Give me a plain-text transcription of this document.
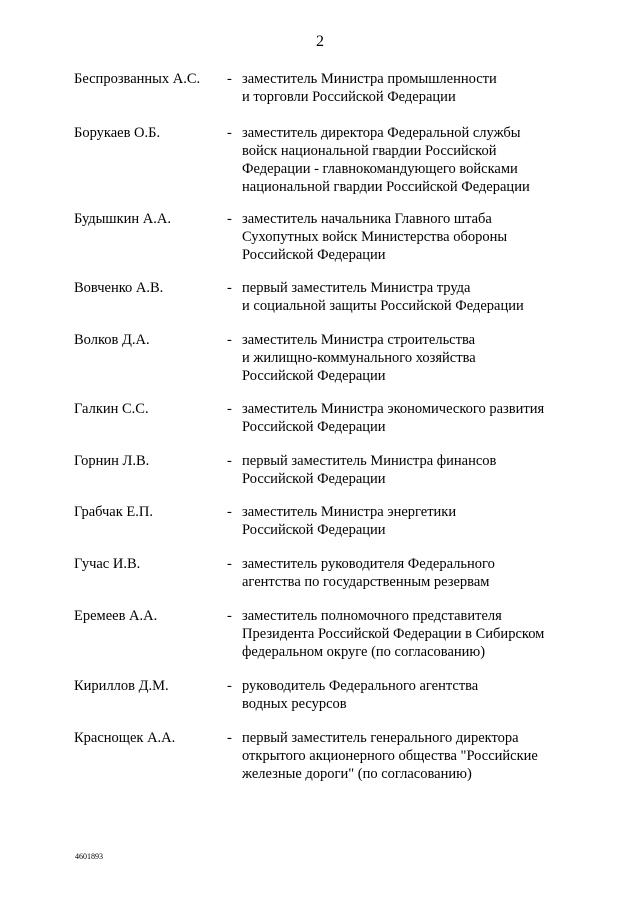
2
Беспрозванных А.С. - заместитель Министра промышленности
и торговли Российской Федерации
Борукаев О.Б.	- заместитель директора Федеральной службы
войск национальной гвардии Российской
Федерации - главнокомандующего войсками
национальной гвардии Российской Федерации
Будышкин А.А.	- заместитель начальника Главного штаба
Сухопутных войск Министерства обороны
Российской Федерации
Вовченко А.В.	- первый заместитель Министра труда
и социальной защиты Российской Федерации
Волков Д.А.	- заместитель Министра строительства
и жилищно-коммунального хозяйства
Российской Федерации
Галкин С.С.	- заместитель Министра экономического развития
Российской Федерации
Горнин Л.В.	- первый заместитель Министра финансов
Российской Федерации
Грабчак Е.П.	- заместитель Министра энергетики
Российской Федерации
Гучас И.В.	- заместитель руководителя Федерального
агентства по государственным резервам
Еремеев А.А.	- заместитель полномочного представителя
Президента Российской Федерации в Сибирском
федеральном округе (по согласованию)
Кириллов Д.М.	- руководитель Федерального агентства
водных ресурсов
Краснощек А.А.	- первый заместитель генерального директора
открытого акционерного общества "Российские
железные дороги" (по согласованию)
4601893
